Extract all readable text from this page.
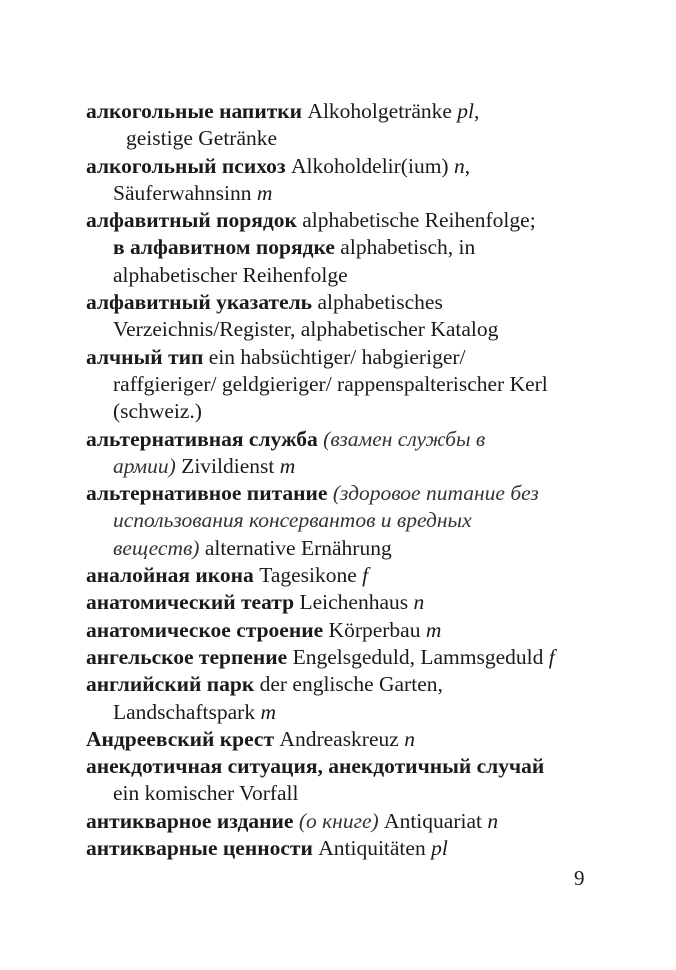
алкогольные напитки Alkoholgetränke pl,
geistige Getränke
алкогольный психоз Alkoholdelir(ium) n,
Säuferwahnsinn m
алфавитный порядок alphabetische Reihenfolge;
в алфавитном порядке alphabetisch, in
alphabetischer Reihenfolge
алфавитный указатель alphabetisches
Verzeichnis/Register, alphabetischer Katalog
алчный тип ein habsüchtiger/ habgieriger/
raffgieriger/ geldgieriger/ rappenspalterischer Kerl
(schweiz.)
альтернативная служба (взамен службы в
армии) Zivildienst m
альтернативное питание (здоровое питание без
использования консервантов и вредных
веществ) alternative Ernährung
аналойная икона Tagesikone f
анатомический театр Leichenhaus n
анатомическое строение Körperbau m
ангельское терпение Engelsgeduld, Lammsgeduld f
английский парк der englische Garten,
Landschaftspark m
Андреевский крест Andreaskreuz n
анекдотичная ситуация, анекдотичный случай
ein komischer Vorfall
антикварное издание (о книге) Antiquariat n
антикварные ценности Antiquitäten pl
9
